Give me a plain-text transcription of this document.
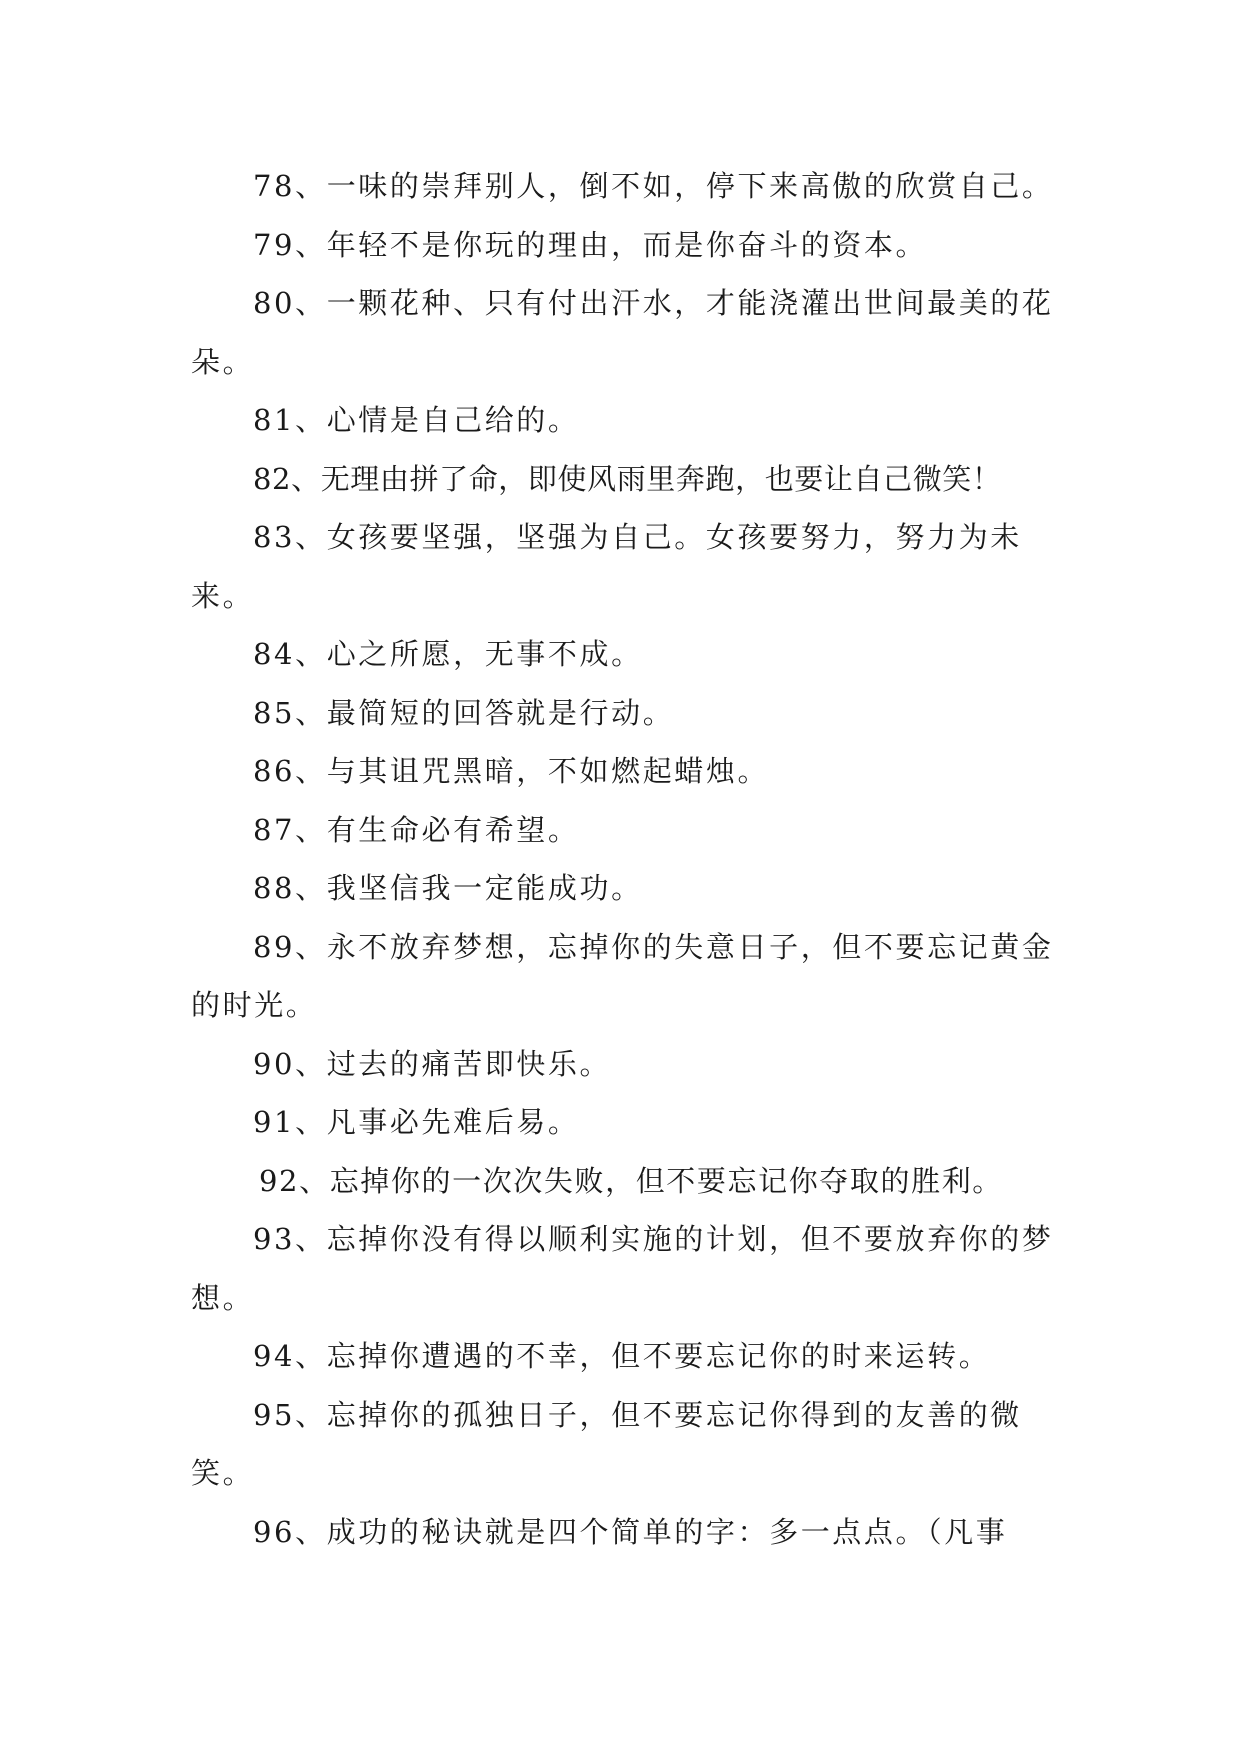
78、一味的崇拜别人，倒不如，停下来高傲的欣赏自己。

79、年轻不是你玩的理由，而是你奋斗的资本。

80、一颗花种、只有付出汗水，才能浇灌出世间最美的花朵。

81、心情是自己给的。

82、无理由拼了命，即使风雨里奔跑，也要让自己微笑！

83、女孩要坚强，坚强为自己。女孩要努力，努力为未来。

84、心之所愿，无事不成。

85、最简短的回答就是行动。

86、与其诅咒黑暗，不如燃起蜡烛。

87、有生命必有希望。

88、我坚信我一定能成功。

89、永不放弃梦想，忘掉你的失意日子，但不要忘记黄金的时光。

90、过去的痛苦即快乐。

91、凡事必先难后易。

92、忘掉你的一次次失败，但不要忘记你夺取的胜利。

93、忘掉你没有得以顺利实施的计划，但不要放弃你的梦想。

94、忘掉你遭遇的不幸，但不要忘记你的时来运转。

95、忘掉你的孤独日子，但不要忘记你得到的友善的微笑。

96、成功的秘诀就是四个简单的字：多一点点。（凡事
